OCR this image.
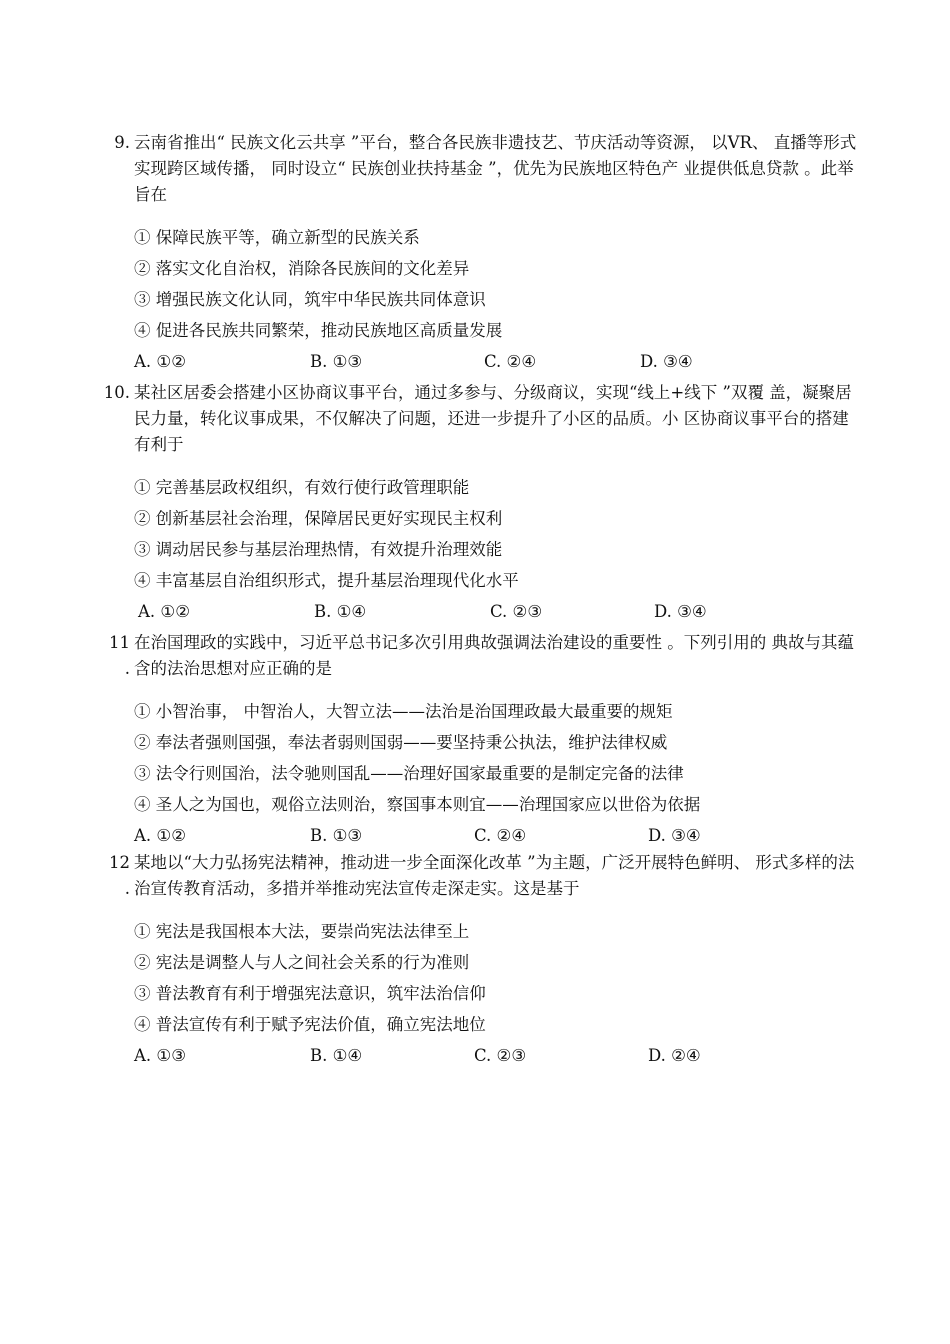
9. 云南省推出“ 民族文化云共享 ”平台，整合各民族非遗技艺、节庆活动等资源， 以VR、 直播等形式实现跨区域传播， 同时设立“ 民族创业扶持基金 ”，优先为民族地区特色产 业提供低息贷款 。此举旨在
① 保障民族平等，确立新型的民族关系
② 落实文化自治权，消除各民族间的文化差异
③ 增强民族文化认同，筑牢中华民族共同体意识
④ 促进各民族共同繁荣，推动民族地区高质量发展
A. ①②	B. ①③	C. ②④	D. ③④
10. 某社区居委会搭建小区协商议事平台，通过多参与、分级商议，实现“线上+线下 ”双覆 盖，凝聚居民力量，转化议事成果，不仅解决了问题，还进一步提升了小区的品质。小 区协商议事平台的搭建有利于
① 完善基层政权组织，有效行使行政管理职能
② 创新基层社会治理，保障居民更好实现民主权利
③ 调动居民参与基层治理热情，有效提升治理效能
④ 丰富基层自治组织形式，提升基层治理现代化水平
A. ①②	B. ①④	C. ②③	D. ③④
11 .
在治国理政的实践中，习近平总书记多次引用典故强调法治建设的重要性 。下列引用的 典故与其蕴含的法治思想对应正确的是
① 小智治事， 中智治人，大智立法——法治是治国理政最大最重要的规矩
② 奉法者强则国强，奉法者弱则国弱——要坚持秉公执法，维护法律权威
③ 法令行则国治，法令驰则国乱——治理好国家最重要的是制定完备的法律
④ 圣人之为国也，观俗立法则治，察国事本则宜——治理国家应以世俗为依据
A. ①②	B. ①③	C. ②④	D. ③④
12 .
某地以“大力弘扬宪法精神，推动进一步全面深化改革 ”为主题，广泛开展特色鲜明、 形式多样的法治宣传教育活动，多措并举推动宪法宣传走深走实。这是基于
① 宪法是我国根本大法，要崇尚宪法法律至上
② 宪法是调整人与人之间社会关系的行为准则
③ 普法教育有利于增强宪法意识，筑牢法治信仰
④ 普法宣传有利于赋予宪法价值，确立宪法地位
A. ①③	B. ①④	C. ②③	D. ②④
